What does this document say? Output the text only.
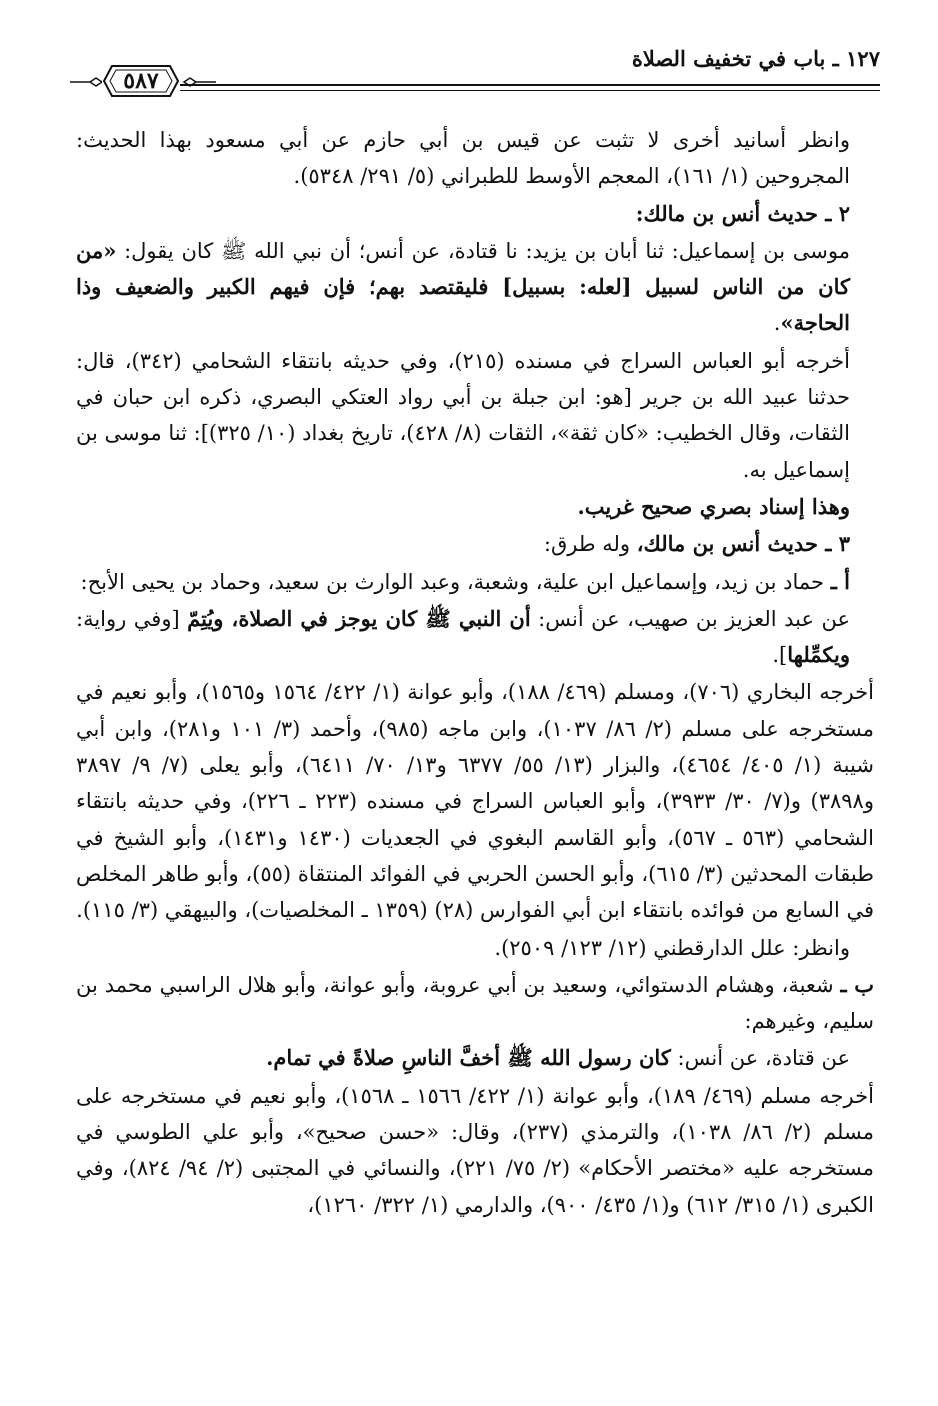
١٢٧ ـ باب في تخفيف الصلاة
٥٨٧

وانظر أسانيد أخرى لا تثبت عن قيس بن أبي حازم عن أبي مسعود بهذا الحديث: المجروحين (١/ ١٦١)، المعجم الأوسط للطبراني (٥/ ٢٩١/ ٥٣٤٨).

٢ ـ حديث أنس بن مالك:

موسى بن إسماعيل: ثنا أبان بن يزيد: نا قتادة، عن أنس؛ أن نبي الله ﷺ كان يقول: «من كان من الناس لسبيل [لعله: بسبيل] فليقتصد بهم؛ فإن فيهم الكبير والضعيف وذا الحاجة».

أخرجه أبو العباس السراج في مسنده (٢١٥)، وفي حديثه بانتقاء الشحامي (٣٤٢)، قال: حدثنا عبيد الله بن جرير [هو: ابن جبلة بن أبي رواد العتكي البصري، ذكره ابن حبان في الثقات، وقال الخطيب: «كان ثقة»، الثقات (٨/ ٤٢٨)، تاريخ بغداد (١٠/ ٣٢٥)]: ثنا موسى بن إسماعيل به.

وهذا إسناد بصري صحيح غريب.

٣ ـ حديث أنس بن مالك، وله طرق:

أ ـ حماد بن زيد، وإسماعيل ابن علية، وشعبة، وعبد الوارث بن سعيد، وحماد بن يحيى الأبح:

عن عبد العزيز بن صهيب، عن أنس: أن النبي ﷺ كان يوجز في الصلاة، ويُتِمّ [وفي رواية: ويكمِّلها].

أخرجه البخاري (٧٠٦)، ومسلم (٤٦٩/ ١٨٨)، وأبو عوانة (١/ ٤٢٢/ ١٥٦٤ و١٥٦٥)، وأبو نعيم في مستخرجه على مسلم (٢/ ٨٦/ ١٠٣٧)، وابن ماجه (٩٨٥)، وأحمد (٣/ ١٠١ و٢٨١)، وابن أبي شيبة (١/ ٤٠٥/ ٤٦٥٤)، والبزار (١٣/ ٥٥/ ٦٣٧٧ و١٣/ ٧٠/ ٦٤١١)، وأبو يعلى (٧/ ٩/ ٣٨٩٧ و٣٨٩٨) و(٧/ ٣٠/ ٣٩٣٣)، وأبو العباس السراج في مسنده (٢٢٣ ـ ٢٢٦)، وفي حديثه بانتقاء الشحامي (٥٦٣ ـ ٥٦٧)، وأبو القاسم البغوي في الجعديات (١٤٣٠ و١٤٣١)، وأبو الشيخ في طبقات المحدثين (٣/ ٦١٥)، وأبو الحسن الحربي في الفوائد المنتقاة (٥٥)، وأبو طاهر المخلص في السابع من فوائده بانتقاء ابن أبي الفوارس (٢٨) (١٣٥٩ ـ المخلصيات)، والبيهقي (٣/ ١١٥).

وانظر: علل الدارقطني (١٢/ ١٢٣/ ٢٥٠٩).

ب ـ شعبة، وهشام الدستوائي، وسعيد بن أبي عروبة، وأبو عوانة، وأبو هلال الراسبي محمد بن سليم، وغيرهم:

عن قتادة، عن أنس: كان رسول الله ﷺ أخفَّ الناسِ صلاةً في تمام.

أخرجه مسلم (٤٦٩/ ١٨٩)، وأبو عوانة (١/ ٤٢٢/ ١٥٦٦ ـ ١٥٦٨)، وأبو نعيم في مستخرجه على مسلم (٢/ ٨٦/ ١٠٣٨)، والترمذي (٢٣٧)، وقال: «حسن صحيح»، وأبو علي الطوسي في مستخرجه عليه «مختصر الأحكام» (٢/ ٧٥/ ٢٢١)، والنسائي في المجتبى (٢/ ٩٤/ ٨٢٤)، وفي الكبرى (١/ ٣١٥/ ٦١٢) و(١/ ٤٣٥/ ٩٠٠)، والدارمي (١/ ٣٢٢/ ١٢٦٠)،
